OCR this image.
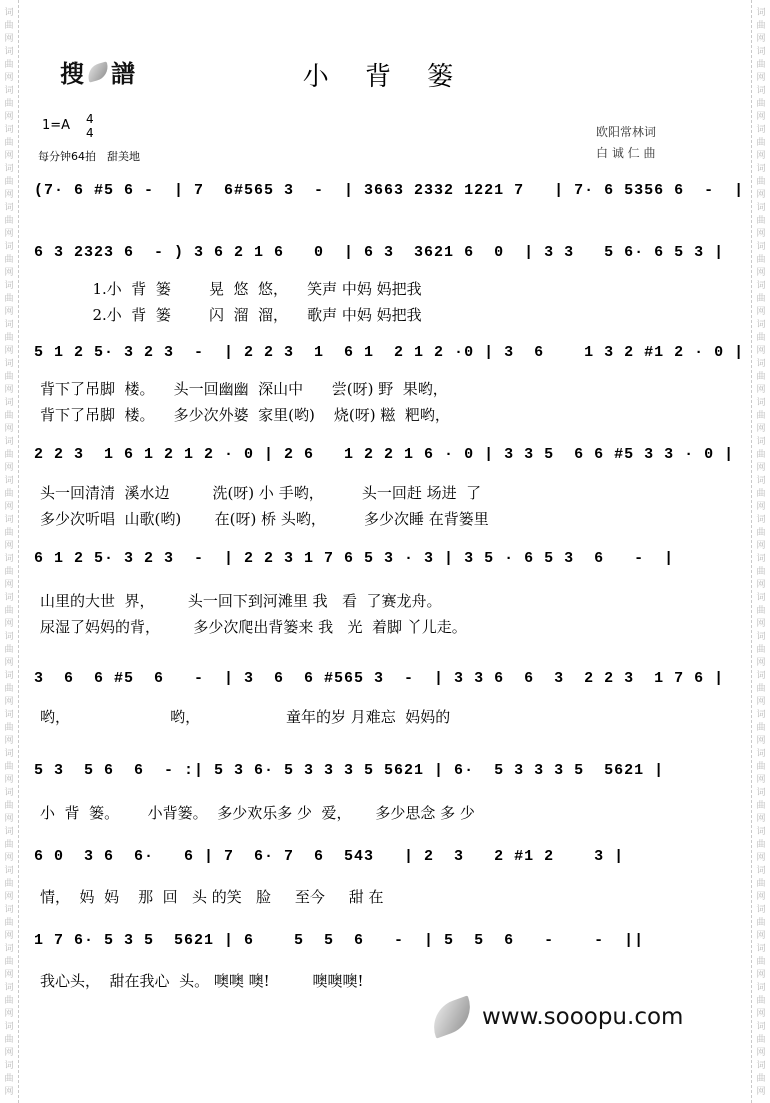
词
曲
网
词
曲
网
词
曲
网
词
曲
网
词
曲
网
词
曲
网
词
曲
网
词
曲
网
词
曲
网
词
曲
网
词
曲
网
词
曲
网
词
曲
网
词
曲
网
词
曲
网
词
曲
网
词
曲
网
词
曲
网
词
曲
网
词
曲
网
词
曲
网
词
曲
网
词
曲
网
词
曲
网
词
曲
网
词
曲
网
词
曲
网
词
曲
网
词
曲
网
词
曲
网
词
曲
网
词
曲
网
词
曲
网
词
曲
网
词
曲
网
词
曲
网
词
曲
网
词
曲
网
词
曲
网
词
曲
网
词
曲
网
词
曲
网
词
曲
网
词
曲
网
词
曲
网
词
曲
网
词
曲
网
词
曲
网
词
曲
网
词
曲
网
词
曲
网
词
曲
网
词
曲
网
词
曲
网
词
曲
网
词
曲
网
搜 譜	小 背 篓
1=A 4
4
每分钟64拍　甜美地
欧阳常林词
白 诚 仁 曲
(7· 6 #5 6 -  | 7  6#565 3  -  | 3663 2332 1221 7   | 7· 6 5356 6  -  |
6 3 2323 6  - ) 3 6 2 1 6   0  | 6 3  3621 6  0  | 3 3   5 6· 6 5 3 |
1.小  背  篓        晃  悠  悠，    笑声 中妈 妈把我
2.小  背  篓        闪  溜  溜，    歌声 中妈 妈把我
5 1 2 5· 3 2 3  -  | 2 2 3  1  6 1  2 1 2 ·0 | 3  6    1 3 2 #1 2 · 0 |
背下了吊脚  楼。    头一回幽幽  深山中      尝(呀) 野  果哟，
背下了吊脚  楼。    多少次外婆  家里(哟)    烧(呀) 糍  粑哟，
2 2 3  1 6 1 2 1 2 · 0 | 2 6   1 2 2 1 6 · 0 | 3 3 5  6 6 #5 3 3 · 0 |
头一回清清  溪水边         洗(呀) 小 手哟，        头一回赶 场进  了
多少次听唱  山歌(哟)       在(呀) 桥 头哟，        多少次睡 在背篓里
6 1 2 5· 3 2 3  -  | 2 2 3 1 7 6 5 3 · 3 | 3 5 · 6 5 3  6   -  |
山里的大世  界，       头一回下到河滩里 我   看  了赛龙舟。
尿湿了妈妈的背，       多少次爬出背篓来 我   光  着脚 丫儿走。
3  6  6 #5  6   -  | 3  6  6 #565 3  -  | 3 3 6  6  3  2 2 3  1 7 6 |
哟，                     哟，                  童年的岁 月难忘  妈妈的
5 3  5 6  6  - :| 5 3 6· 5 3 3 3 5 5621 | 6·  5 3 3 3 5  5621 |
小  背  篓。      小背篓。  多少欢乐多 少  爱，     多少思念 多 少
6 0  3 6  6·   6 | 7  6· 7  6  543   | 2  3   2 #1 2    3 |
情，  妈  妈    那  回   头 的笑   脸     至今     甜 在
1 7 6· 5 3 5  5621 | 6    5  5  6   -  | 5  5  6   -    -  ||
我心头，  甜在我心  头。 噢噢 噢!         噢噢噢!
www.sooopu.com
